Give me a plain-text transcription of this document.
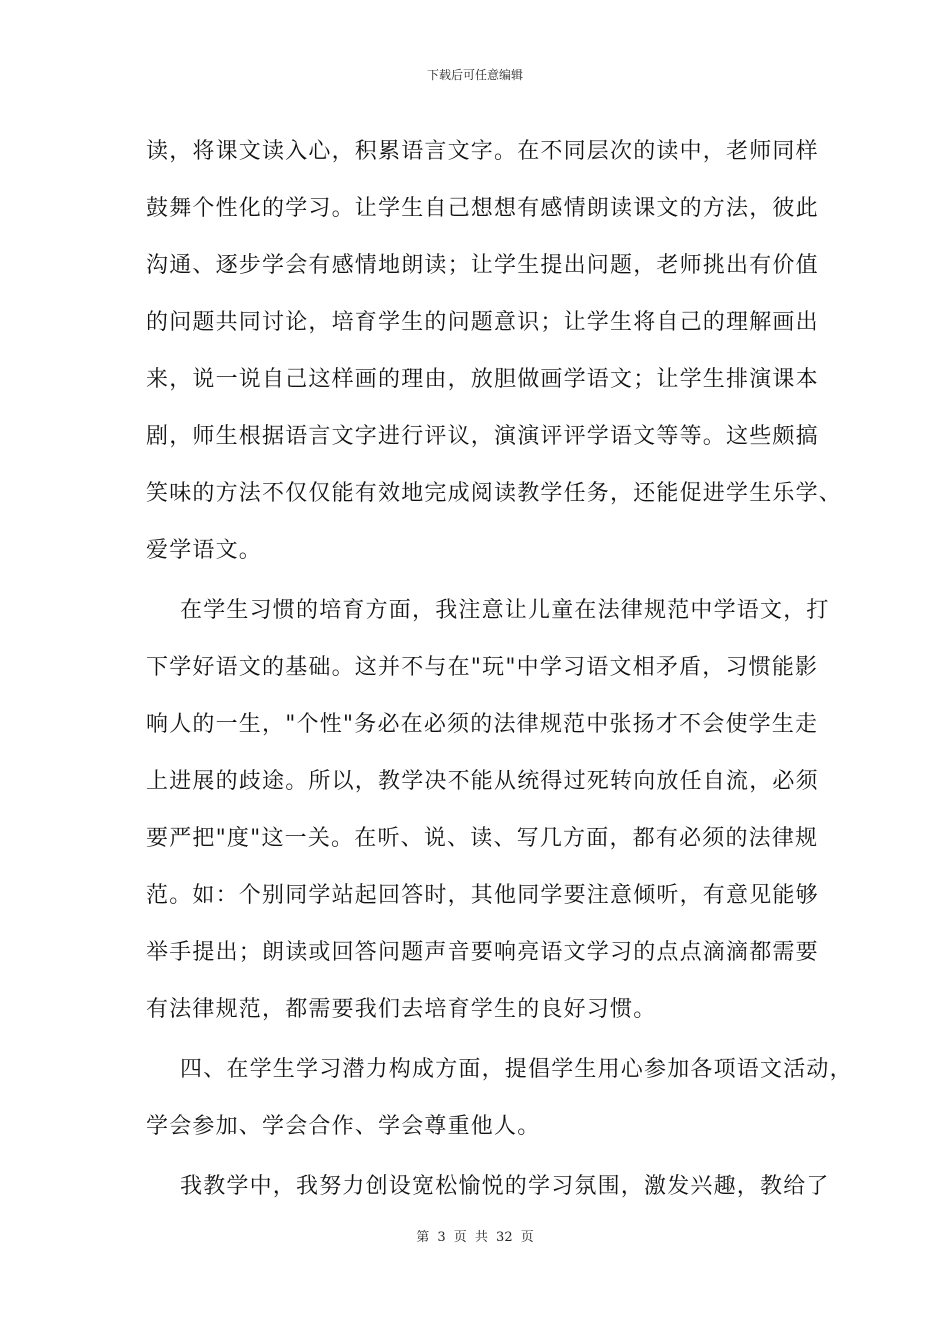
下载后可任意编辑
读，将课文读入心，积累语言文字。在不同层次的读中，老师同样
鼓舞个性化的学习。让学生自己想想有感情朗读课文的方法，彼此
沟通、逐步学会有感情地朗读；让学生提出问题，老师挑出有价值
的问题共同讨论，培育学生的问题意识；让学生将自己的理解画出
来，说一说自己这样画的理由，放胆做画学语文；让学生排演课本
剧，师生根据语言文字进行评议，演演评评学语文等等。这些颇搞
笑味的方法不仅仅能有效地完成阅读教学任务，还能促进学生乐学、
爱学语文。
在学生习惯的培育方面，我注意让儿童在法律规范中学语文，打
下学好语文的基础。这并不与在"玩"中学习语文相矛盾，习惯能影
响人的一生，"个性"务必在必须的法律规范中张扬才不会使学生走
上进展的歧途。所以，教学决不能从统得过死转向放任自流，必须
要严把"度"这一关。在听、说、读、写几方面，都有必须的法律规
范。如：个别同学站起回答时，其他同学要注意倾听，有意见能够
举手提出；朗读或回答问题声音要响亮语文学习的点点滴滴都需要
有法律规范，都需要我们去培育学生的良好习惯。
四、在学生学习潜力构成方面，提倡学生用心参加各项语文活动，
学会参加、学会合作、学会尊重他人。
我教学中，我努力创设宽松愉悦的学习氛围，激发兴趣，教给了
第 3 页 共 32 页
